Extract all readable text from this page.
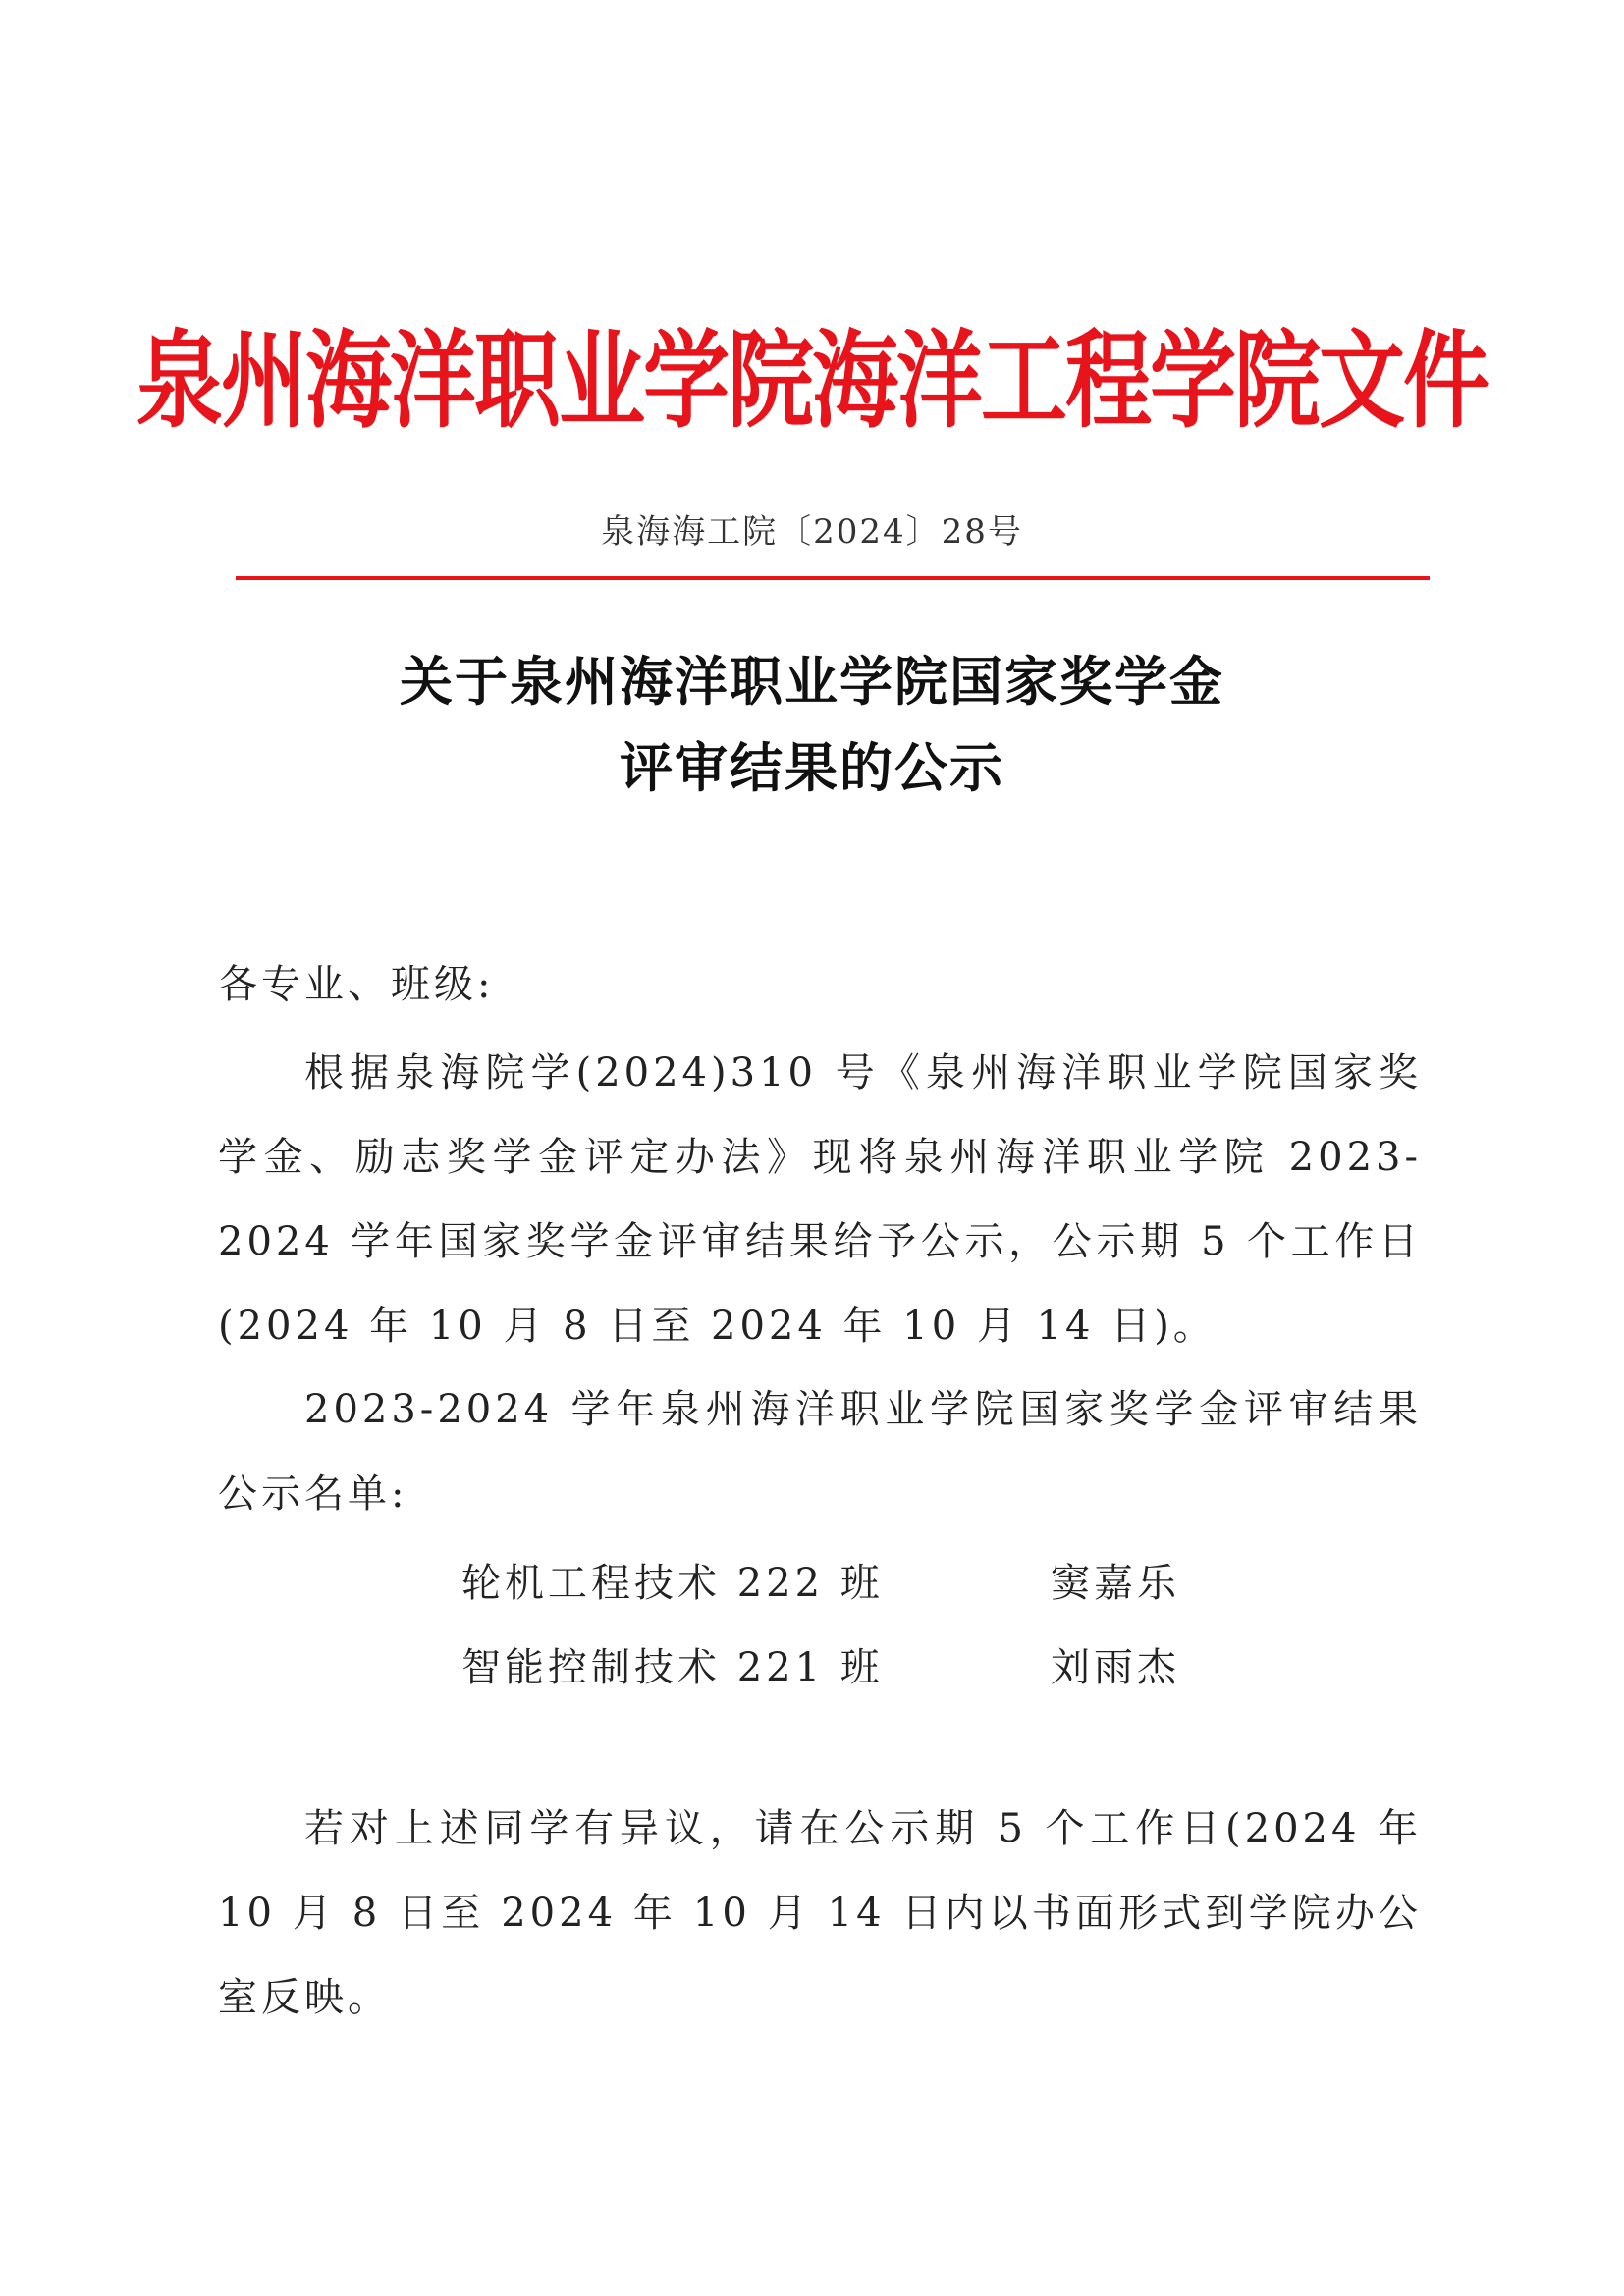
泉州海洋职业学院海洋工程学院文件
泉海海工院〔2024〕28号
关于泉州海洋职业学院国家奖学金
评审结果的公示
各专业、班级:
根据泉海院学(2024)310 号《泉州海洋职业学院国家奖学金、励志奖学金评定办法》现将泉州海洋职业学院 2023-2024 学年国家奖学金评审结果给予公示，公示期 5 个工作日(2024 年 10 月 8 日至 2024 年 10 月 14 日)。
2023-2024 学年泉州海洋职业学院国家奖学金评审结果公示名单:
轮机工程技术 222 班	窦嘉乐
智能控制技术 221 班	刘雨杰
若对上述同学有异议，请在公示期 5 个工作日(2024 年 10 月 8 日至 2024 年 10 月 14 日内以书面形式到学院办公室反映。
